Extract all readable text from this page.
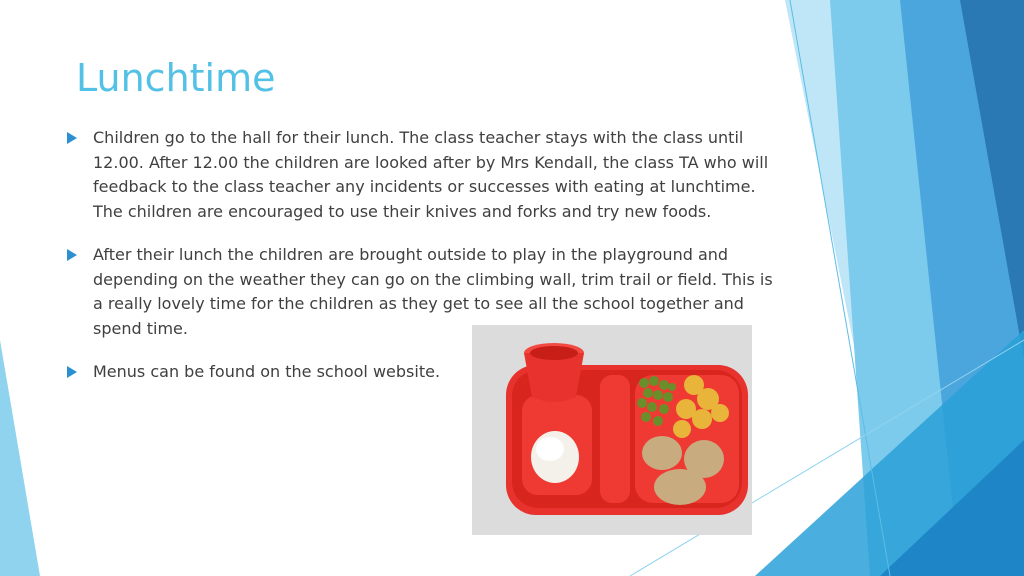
Lunchtime
Children go to the hall for their lunch. The class teacher stays with the class until 12.00. After 12.00 the children are looked after by Mrs Kendall, the class TA who will feedback to the class teacher any incidents or successes with eating at lunchtime. The children are encouraged to use their knives and forks and try new foods.
After their lunch the children are brought outside to play in the playground and depending on the weather they can go on the climbing wall, trim trail or field. This is a really lovely time for the children as they get to see all the school together and spend time.
Menus can be found on the school website.
